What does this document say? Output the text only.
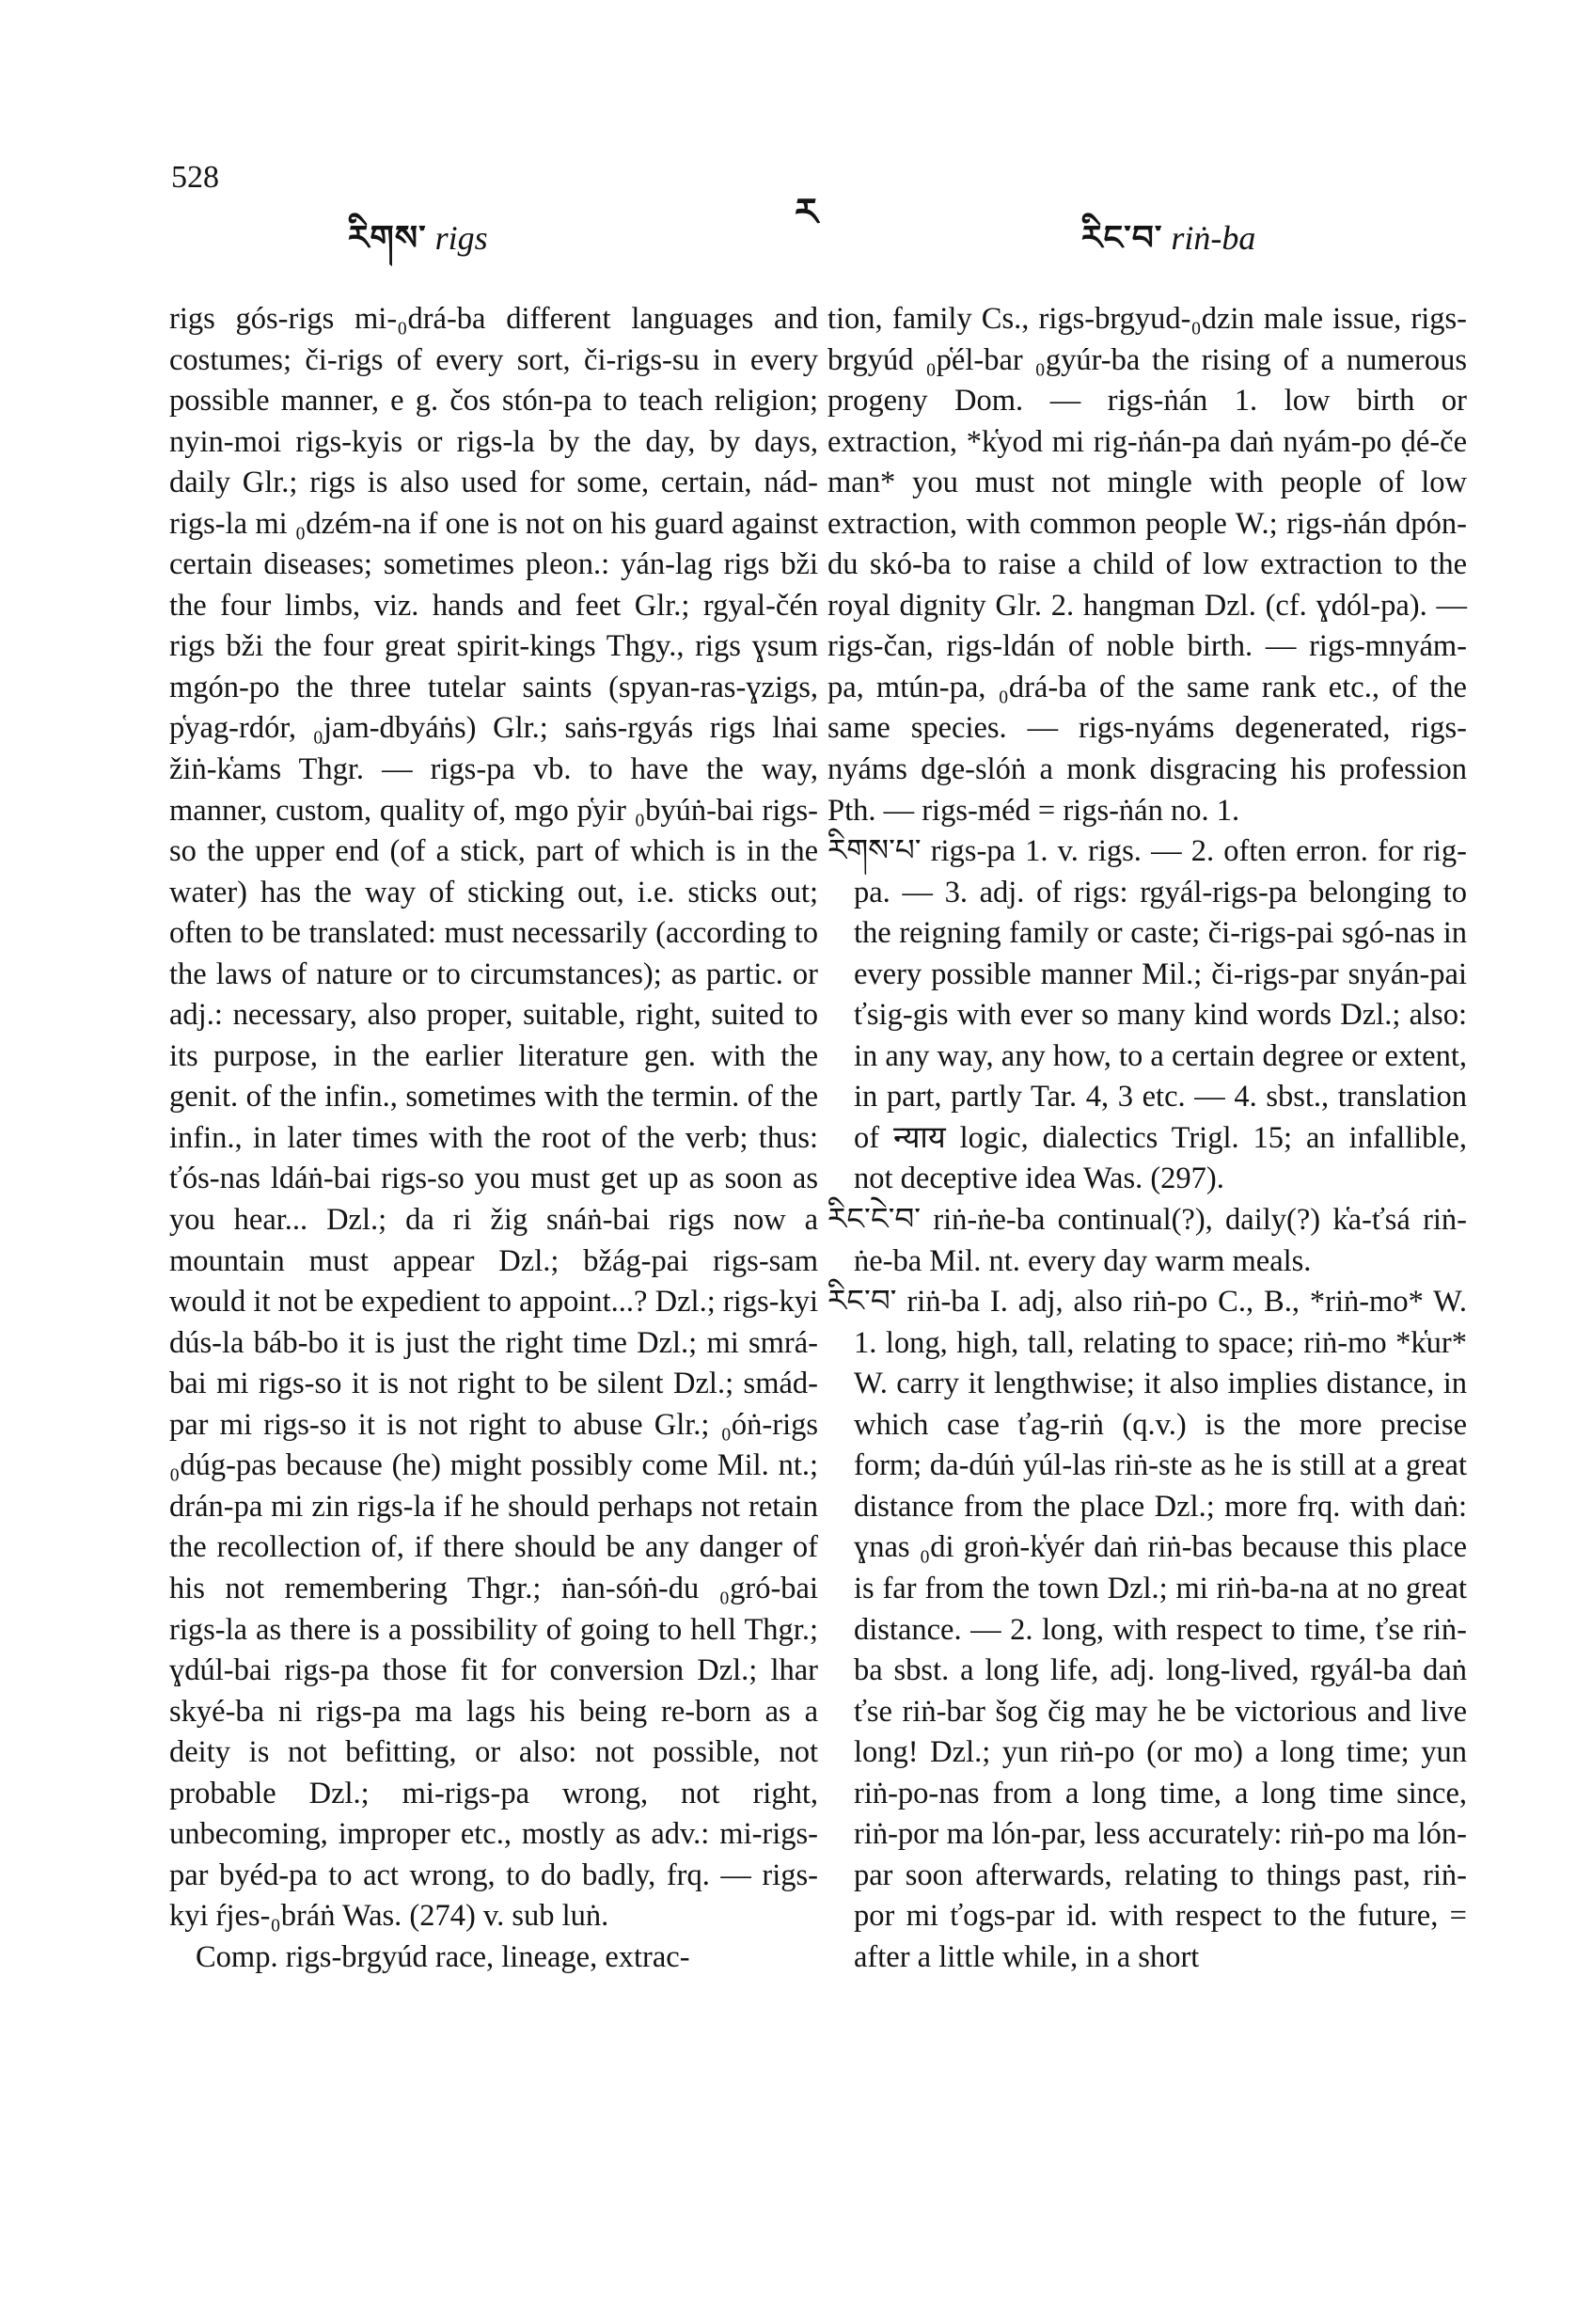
528
རིགས་ rigs
ར
རིང་བ་ riṅ-ba

rigs gós-rigs mi-₀drá-ba different languages and costumes; či-rigs of every sort, či-rigs-su in every possible manner, e g. čos stón-pa to teach religion; nyin-moi rigs-kyis or rigs-la by the day, by days, daily Glr.; rigs is also used for some, certain, nád-rigs-la mi ₀dzém-na if one is not on his guard against certain diseases; sometimes pleon.: yán-lag rigs bži the four limbs, viz. hands and feet Glr.; rgyal-čén rigs bži the four great spirit-kings Thgy., rigs ɣsum mgón-po the three tutelar saints (spyan-ras-ɣzigs, p̔yag-rdór, ₀jam-dbyáṅs) Glr.; saṅs-rgyás rigs lṅai žiṅ-k̔ams Thgr. — rigs-pa vb. to have the way, manner, custom, quality of, mgo p̔yir ₀byúṅ-bai rigs-so the upper end (of a stick, part of which is in the water) has the way of sticking out, i.e. sticks out; often to be translated: must necessarily (according to the laws of nature or to circumstances); as partic. or adj.: necessary, also proper, suitable, right, suited to its purpose, in the earlier literature gen. with the genit. of the infin., sometimes with the termin. of the infin., in later times with the root of the verb; thus: ťós-nas ldáṅ-bai rigs-so you must get up as soon as you hear... Dzl.; da ri žig snáṅ-bai rigs now a mountain must appear Dzl.; bžág-pai rigs-sam would it not be expedient to appoint...? Dzl.; rigs-kyi dús-la báb-bo it is just the right time Dzl.; mi smrá-bai mi rigs-so it is not right to be silent Dzl.; smád-par mi rigs-so it is not right to abuse Glr.; ₀óṅ-rigs ₀dúg-pas because (he) might possibly come Mil. nt.; drán-pa mi zin rigs-la if he should perhaps not retain the recollection of, if there should be any danger of his not remembering Thgr.; ṅan-sóṅ-du ₀gró-bai rigs-la as there is a possibility of going to hell Thgr.; ɣdúl-bai rigs-pa those fit for conversion Dzl.; lhar skyé-ba ni rigs-pa ma lags his being re-born as a deity is not befitting, or also: not possible, not probable Dzl.; mi-rigs-pa wrong, not right, unbecoming, improper etc., mostly as adv.: mi-rigs-par byéd-pa to act wrong, to do badly, frq. — rigs-kyi ŕjes-₀bráṅ Was. (274) v. sub luṅ.

Comp. rigs-brgyúd race, lineage, extrac-

tion, family Cs., rigs-brgyud-₀dzin male issue, rigs-brgyúd ₀p̔él-bar ₀gyúr-ba the rising of a numerous progeny Dom. — rigs-ṅán 1. low birth or extraction, *k̔yod mi rig-ṅán-pa daṅ nyám-po ḍé-če man* you must not mingle with people of low extraction, with common people W.; rigs-ṅán dpón-du skó-ba to raise a child of low extraction to the royal dignity Glr. 2. hangman Dzl. (cf. ɣdól-pa). — rigs-čan, rigs-ldán of noble birth. — rigs-mnyám-pa, mtún-pa, ₀drá-ba of the same rank etc., of the same species. — rigs-nyáms degenerated, rigs-nyáms dge-slóṅ a monk disgracing his profession Pth. — rigs-méd = rigs-ṅán no. 1.

རིགས་པ་ rigs-pa 1. v. rigs. — 2. often erron. for rig-pa. — 3. adj. of rigs: rgyál-rigs-pa belonging to the reigning family or caste; či-rigs-pai sgó-nas in every possible manner Mil.; či-rigs-par snyán-pai ťsig-gis with ever so many kind words Dzl.; also: in any way, any how, to a certain degree or extent, in part, partly Tar. 4, 3 etc. — 4. sbst., translation of न्याय logic, dialectics Trigl. 15; an infallible, not deceptive idea Was. (297).

རིང་ངེ་བ་ riṅ-ṅe-ba continual(?), daily(?) k̔a-ťsá riṅ-ṅe-ba Mil. nt. every day warm meals.

རིང་བ་ riṅ-ba I. adj, also riṅ-po C., B., *riṅ-mo* W. 1. long, high, tall, relating to space; riṅ-mo *k̔ur* W. carry it lengthwise; it also implies distance, in which case ťag-riṅ (q.v.) is the more precise form; da-dúṅ yúl-las riṅ-ste as he is still at a great distance from the place Dzl.; more frq. with daṅ: ɣnas ₀di groṅ-k̔yér daṅ riṅ-bas because this place is far from the town Dzl.; mi riṅ-ba-na at no great distance. — 2. long, with respect to time, ťse riṅ-ba sbst. a long life, adj. long-lived, rgyál-ba daṅ ťse riṅ-bar šog čig may he be victorious and live long! Dzl.; yun riṅ-po (or mo) a long time; yun riṅ-po-nas from a long time, a long time since, riṅ-por ma lón-par, less accurately: riṅ-po ma lón-par soon afterwards, relating to things past, riṅ-por mi ťogs-par id. with respect to the future, = after a little while, in a short
